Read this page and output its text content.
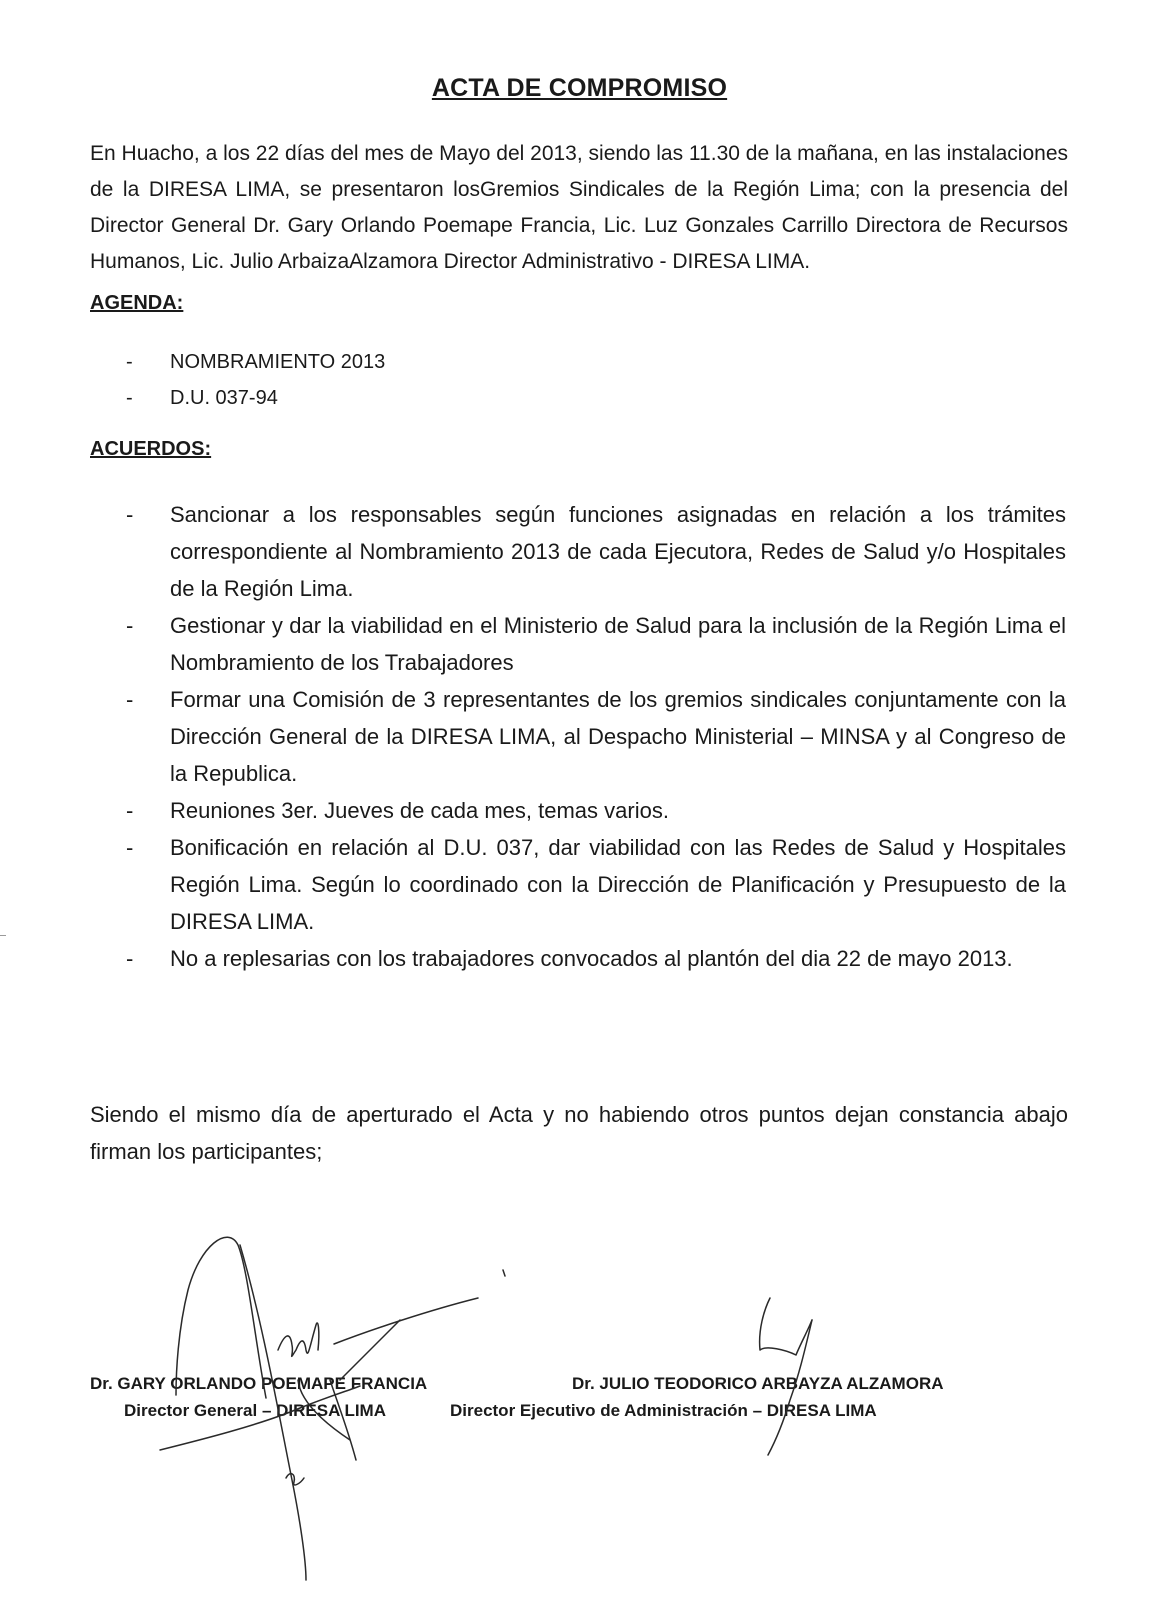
ACTA DE COMPROMISO
En Huacho, a los 22 días del mes de Mayo del 2013, siendo las 11.30 de la mañana, en las instalaciones de la DIRESA LIMA, se presentaron losGremios Sindicales de la Región Lima; con la presencia del Director General Dr. Gary Orlando Poemape Francia, Lic. Luz Gonzales Carrillo Directora de Recursos Humanos, Lic. Julio ArbaizaAlzamora Director Administrativo - DIRESA LIMA.
AGENDA:
- NOMBRAMIENTO 2013
- D.U. 037-94
ACUERDOS:
- Sancionar a los responsables según funciones asignadas en relación a los trámites correspondiente al Nombramiento 2013 de cada Ejecutora, Redes de Salud y/o Hospitales de la Región Lima.
- Gestionar y dar la viabilidad en el Ministerio de Salud para la inclusión de la Región Lima el Nombramiento de los Trabajadores
- Formar una Comisión de 3 representantes de los gremios sindicales conjuntamente con la Dirección General de la DIRESA LIMA, al Despacho Ministerial – MINSA y al Congreso de la Republica.
- Reuniones 3er. Jueves de cada mes, temas varios.
- Bonificación en relación al D.U. 037, dar viabilidad con las Redes de Salud y Hospitales Región Lima. Según lo coordinado con la Dirección de Planificación y Presupuesto de la DIRESA LIMA.
- No a replesarias con los trabajadores convocados al plantón del dia 22 de mayo 2013.
Siendo el mismo día de aperturado el Acta y no habiendo otros puntos dejan constancia abajo firman los participantes;
Dr. GARY ORLANDO POEMAPE FRANCIA
Director General – DIRESA LIMA
Dr. JULIO TEODORICO ARBAYZA ALZAMORA
Director Ejecutivo de Administración – DIRESA LIMA
